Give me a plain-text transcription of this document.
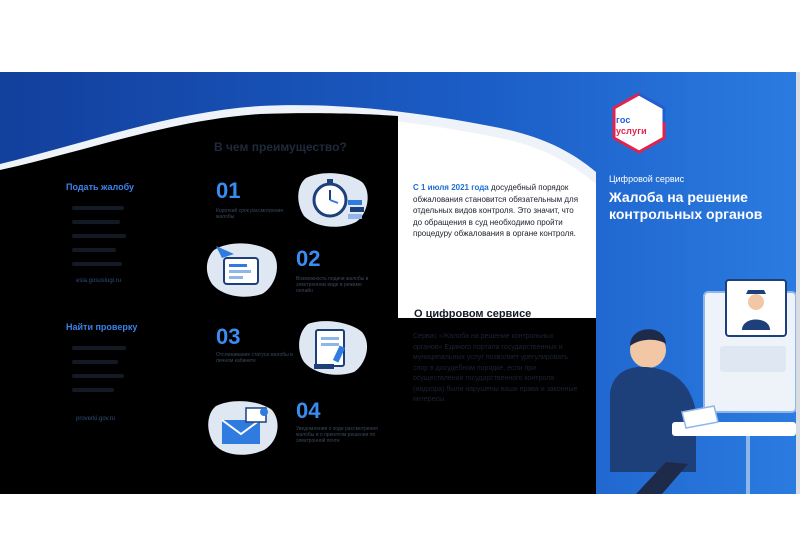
Подать жалобу
esia.gosuslugi.ru
Найти проверку
proverki.gov.ru
В чем преимущество?
01
Короткий срок рассмотрения жалобы
02
Возможность подачи жалобы в электронном виде в режиме онлайн
03
Отслеживание статуса жалобы в личном кабинете
04
Уведомления о ходе рассмотрения жалобы и о принятом решении по электронной почте
С 1 июля 2021 года досудебный порядок обжалования становится обязательным для отдельных видов контроля. Это значит, что до обращения в суд необходимо пройти процедуру обжалования в органе контроля.
О цифровом сервисе
Сервис «Жалоба на решение контрольных органов» Единого портала государственных и муниципальных услуг позволяет урегулировать спор в досудебном порядке, если при осуществлении государственного контроля (надзора) были нарушены ваши права и законные интересы.
гос
услуги
Цифровой сервис
Жалоба на решение контрольных органов
